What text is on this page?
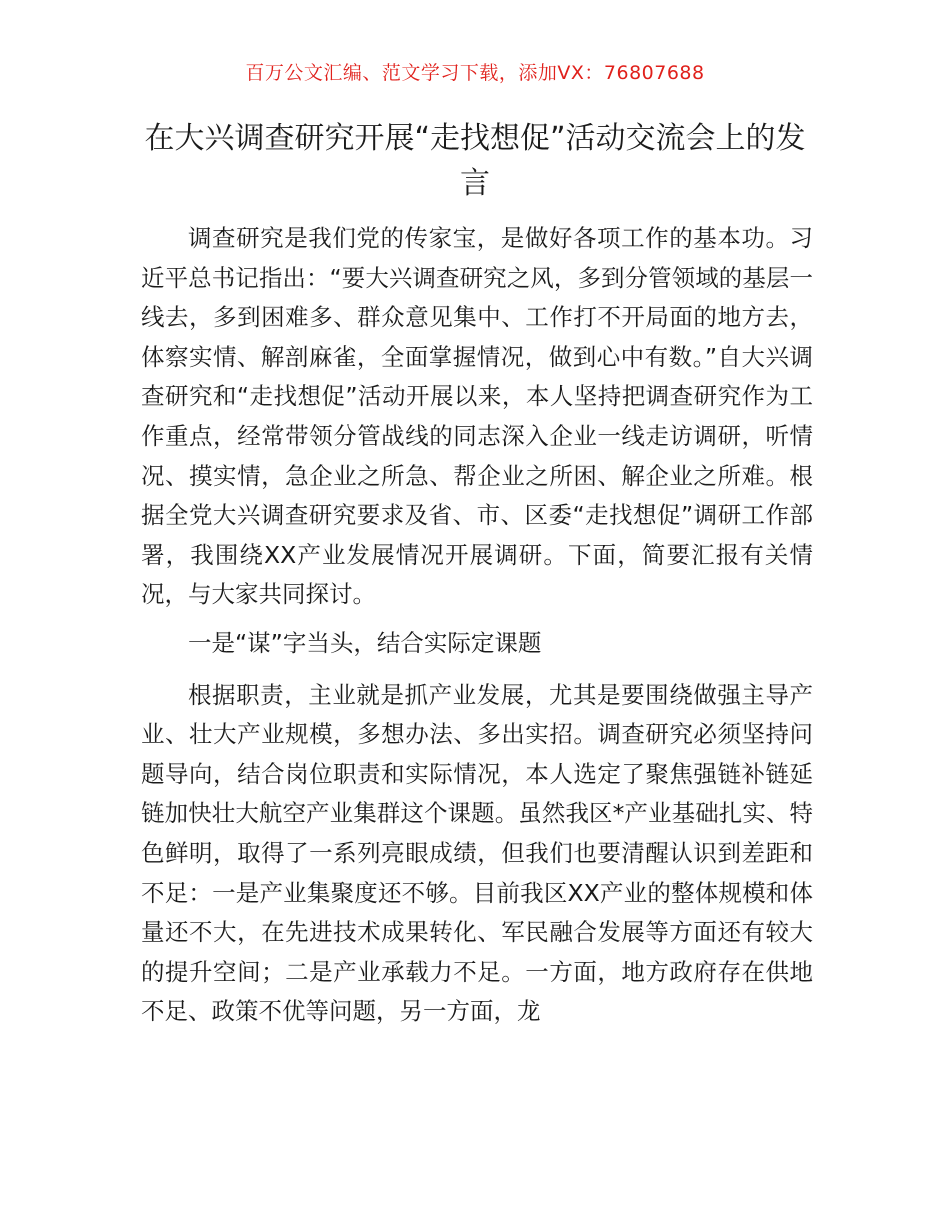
百万公文汇编、范文学习下载，添加VX：76807688
在大兴调查研究开展“走找想促”活动交流会上的发言

调查研究是我们党的传家宝，是做好各项工作的基本功。习近平总书记指出：“要大兴调查研究之风，多到分管领域的基层一线去，多到困难多、群众意见集中、工作打不开局面的地方去，体察实情、解剖麻雀，全面掌握情况，做到心中有数。”自大兴调查研究和“走找想促”活动开展以来，本人坚持把调查研究作为工作重点，经常带领分管战线的同志深入企业一线走访调研，听情况、摸实情，急企业之所急、帮企业之所困、解企业之所难。根据全党大兴调查研究要求及省、市、区委“走找想促”调研工作部署，我围绕XX产业发展情况开展调研。下面，简要汇报有关情况，与大家共同探讨。

一是“谋”字当头，结合实际定课题

根据职责，主业就是抓产业发展，尤其是要围绕做强主导产业、壮大产业规模，多想办法、多出实招。调查研究必须坚持问题导向，结合岗位职责和实际情况，本人选定了聚焦强链补链延链加快壮大航空产业集群这个课题。虽然我区*产业基础扎实、特色鲜明，取得了一系列亮眼成绩，但我们也要清醒认识到差距和不足：一是产业集聚度还不够。目前我区XX产业的整体规模和体量还不大，在先进技术成果转化、军民融合发展等方面还有较大的提升空间；二是产业承载力不足。一方面，地方政府存在供地不足、政策不优等问题，另一方面，龙
